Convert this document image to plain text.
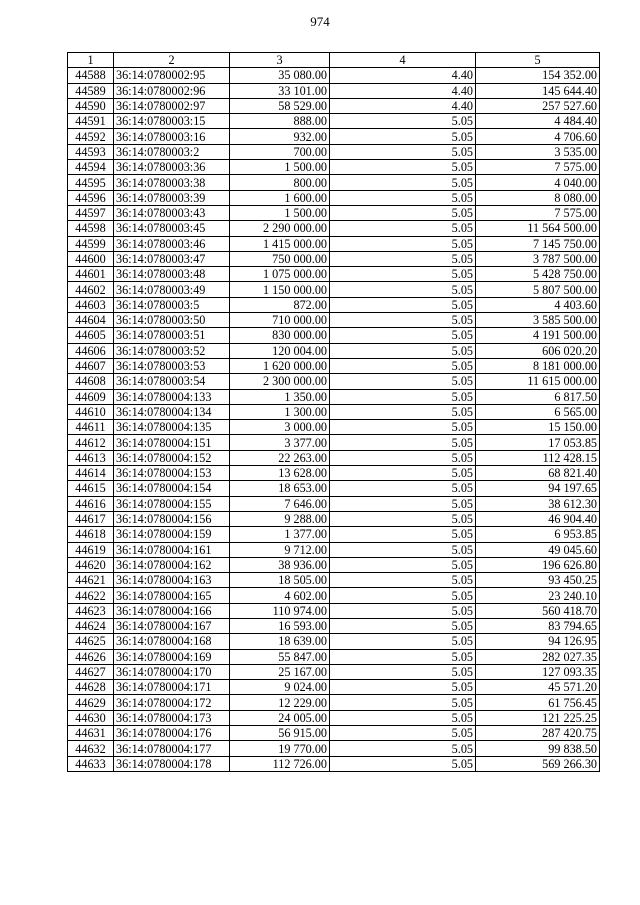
974
1	2	3	4	5
44588	36:14:0780002:95	35 080.00	4.40	154 352.00
44589	36:14:0780002:96	33 101.00	4.40	145 644.40
44590	36:14:0780002:97	58 529.00	4.40	257 527.60
44591	36:14:0780003:15	888.00	5.05	4 484.40
44592	36:14:0780003:16	932.00	5.05	4 706.60
44593	36:14:0780003:2	700.00	5.05	3 535.00
44594	36:14:0780003:36	1 500.00	5.05	7 575.00
44595	36:14:0780003:38	800.00	5.05	4 040.00
44596	36:14:0780003:39	1 600.00	5.05	8 080.00
44597	36:14:0780003:43	1 500.00	5.05	7 575.00
44598	36:14:0780003:45	2 290 000.00	5.05	11 564 500.00
44599	36:14:0780003:46	1 415 000.00	5.05	7 145 750.00
44600	36:14:0780003:47	750 000.00	5.05	3 787 500.00
44601	36:14:0780003:48	1 075 000.00	5.05	5 428 750.00
44602	36:14:0780003:49	1 150 000.00	5.05	5 807 500.00
44603	36:14:0780003:5	872.00	5.05	4 403.60
44604	36:14:0780003:50	710 000.00	5.05	3 585 500.00
44605	36:14:0780003:51	830 000.00	5.05	4 191 500.00
44606	36:14:0780003:52	120 004.00	5.05	606 020.20
44607	36:14:0780003:53	1 620 000.00	5.05	8 181 000.00
44608	36:14:0780003:54	2 300 000.00	5.05	11 615 000.00
44609	36:14:0780004:133	1 350.00	5.05	6 817.50
44610	36:14:0780004:134	1 300.00	5.05	6 565.00
44611	36:14:0780004:135	3 000.00	5.05	15 150.00
44612	36:14:0780004:151	3 377.00	5.05	17 053.85
44613	36:14:0780004:152	22 263.00	5.05	112 428.15
44614	36:14:0780004:153	13 628.00	5.05	68 821.40
44615	36:14:0780004:154	18 653.00	5.05	94 197.65
44616	36:14:0780004:155	7 646.00	5.05	38 612.30
44617	36:14:0780004:156	9 288.00	5.05	46 904.40
44618	36:14:0780004:159	1 377.00	5.05	6 953.85
44619	36:14:0780004:161	9 712.00	5.05	49 045.60
44620	36:14:0780004:162	38 936.00	5.05	196 626.80
44621	36:14:0780004:163	18 505.00	5.05	93 450.25
44622	36:14:0780004:165	4 602.00	5.05	23 240.10
44623	36:14:0780004:166	110 974.00	5.05	560 418.70
44624	36:14:0780004:167	16 593.00	5.05	83 794.65
44625	36:14:0780004:168	18 639.00	5.05	94 126.95
44626	36:14:0780004:169	55 847.00	5.05	282 027.35
44627	36:14:0780004:170	25 167.00	5.05	127 093.35
44628	36:14:0780004:171	9 024.00	5.05	45 571.20
44629	36:14:0780004:172	12 229.00	5.05	61 756.45
44630	36:14:0780004:173	24 005.00	5.05	121 225.25
44631	36:14:0780004:176	56 915.00	5.05	287 420.75
44632	36:14:0780004:177	19 770.00	5.05	99 838.50
44633	36:14:0780004:178	112 726.00	5.05	569 266.30
